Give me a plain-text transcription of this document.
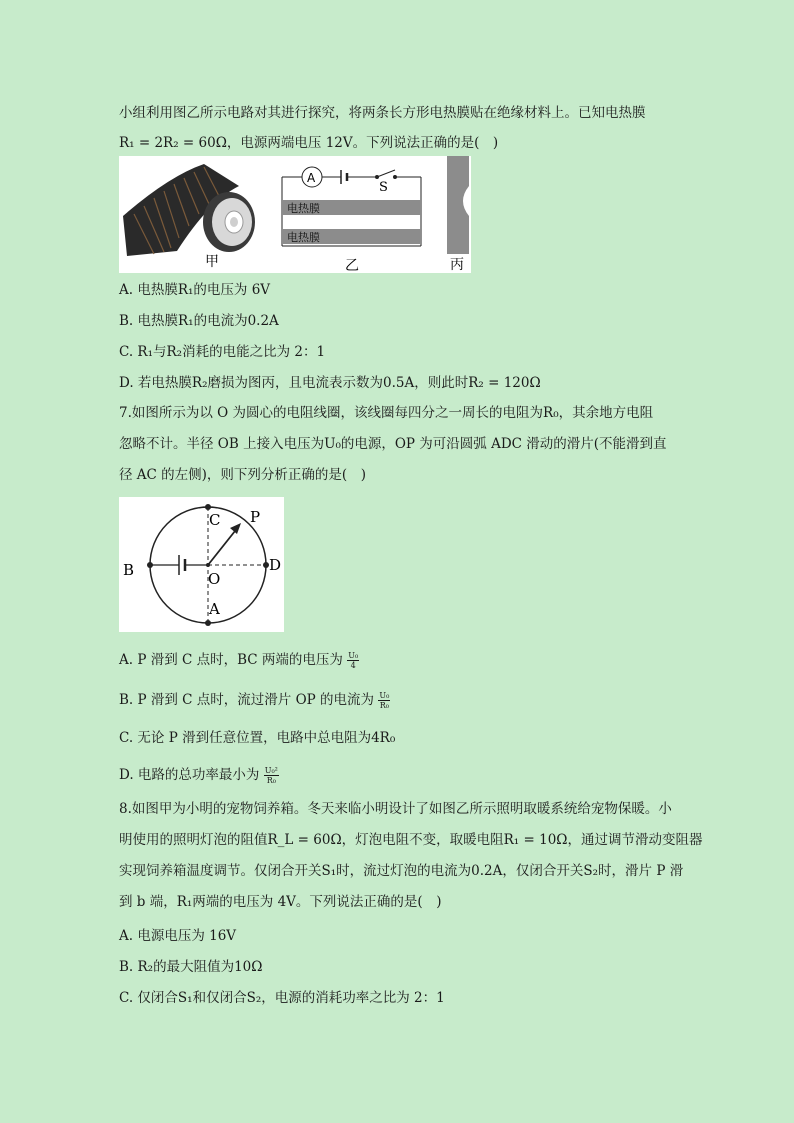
小组利用图乙所示电路对其进行探究，将两条长方形电热膜贴在绝缘材料上。已知电热膜
R₁ = 2R₂ = 60Ω，电源两端电压 12V。下列说法正确的是(　)
甲
A
S
电热膜
电热膜
乙	丙
A. 电热膜R₁的电压为 6V
B. 电热膜R₁的电流为0.2A
C. R₁与R₂消耗的电能之比为 2：1
D. 若电热膜R₂磨损为图丙，且电流表示数为0.5A，则此时R₂ = 120Ω
7.如图所示为以 O 为圆心的电阻线圈，该线圈每四分之一周长的电阻为R₀，其余地方电阻
忽略不计。半径 OB 上接入电压为U₀的电源，OP 为可沿圆弧 ADC 滑动的滑片(不能滑到直
径 AC 的左侧)，则下列分析正确的是(　)
C P
B	O
D
A
A. P 滑到 C 点时，BC 两端的电压为 $\frac{\text{U₀}}{4}$
B. P 滑到 C 点时，流过滑片 OP 的电流为 $\frac{\text{U₀}}{\text{R₀}}$
C. 无论 P 滑到任意位置，电路中总电阻为4R₀
D. 电路的总功率最小为 $\frac{\text{U₀²}}{\text{R₀}}$
8.如图甲为小明的宠物饲养箱。冬天来临小明设计了如图乙所示照明取暖系统给宠物保暖。小
明使用的照明灯泡的阻值R_L = 60Ω，灯泡电阻不变，取暖电阻R₁ = 10Ω，通过调节滑动变阻器
实现饲养箱温度调节。仅闭合开关S₁时，流过灯泡的电流为0.2A，仅闭合开关S₂时，滑片 P 滑
到 b 端，R₁两端的电压为 4V。下列说法正确的是(　)
A. 电源电压为 16V
B. R₂的最大阻值为10Ω
C. 仅闭合S₁和仅闭合S₂，电源的消耗功率之比为 2：1
